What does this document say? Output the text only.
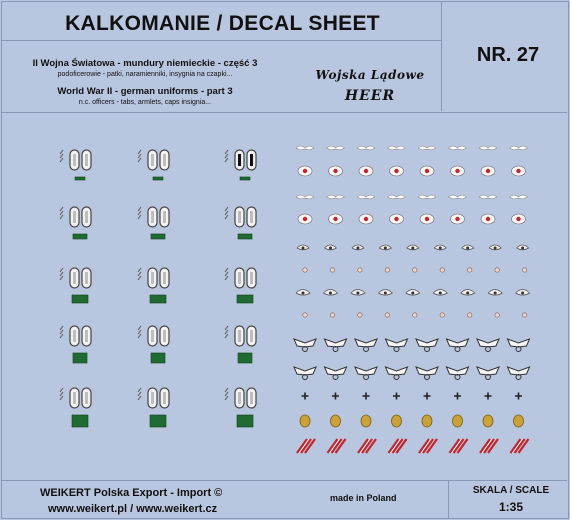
KALKOMANIE / DECAL SHEET
NR. 27
II Wojna Światowa - mundury niemieckie - część 3
podoficerowie - patki, naramienniki, insygnia na czapki...
World War II - german uniforms - part 3
n.c. officers - tabs, armlets, caps insignia...
Wojska Lądowe
HEER
WEIKERT Polska Export - Import ©
www.weikert.pl / www.weikert.cz
made in Poland
SKALA / SCALE
1:35
